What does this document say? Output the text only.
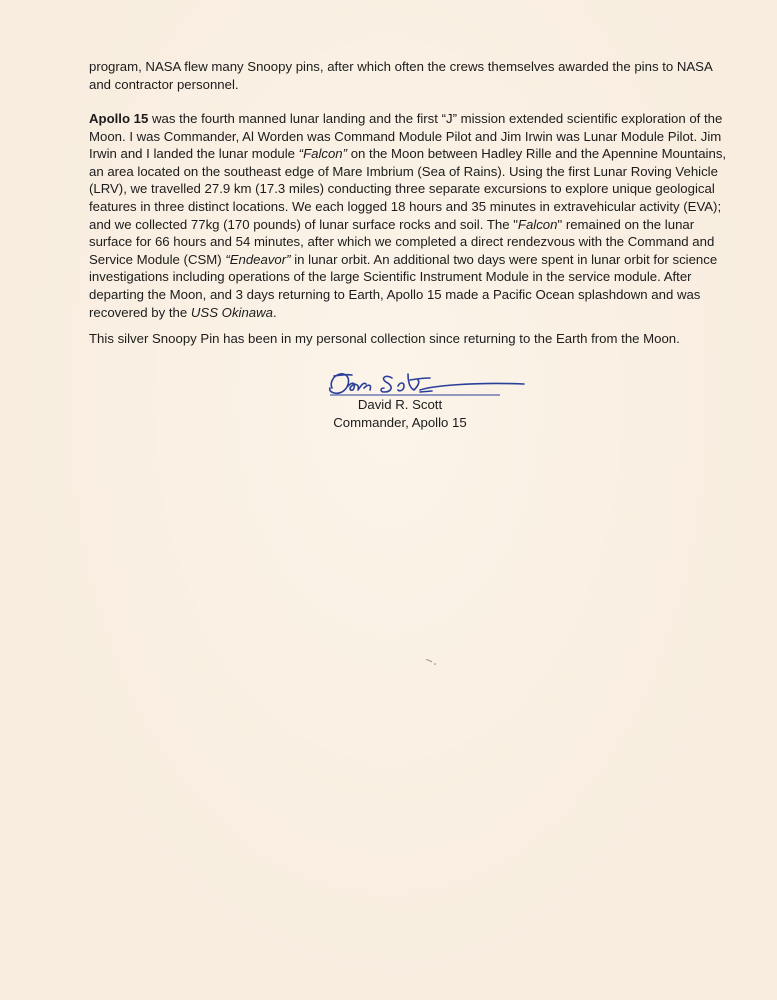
program, NASA flew many Snoopy pins, after which often the crews themselves awarded the pins to NASA and contractor personnel.

Apollo 15 was the fourth manned lunar landing and the first “J” mission extended scientific exploration of the Moon. I was Commander, Al Worden was Command Module Pilot and Jim Irwin was Lunar Module Pilot. Jim Irwin and I landed the lunar module “Falcon” on the Moon between Hadley Rille and the Apennine Mountains, an area located on the southeast edge of Mare Imbrium (Sea of Rains). Using the first Lunar Roving Vehicle (LRV), we travelled 27.9 km (17.3 miles) conducting three separate excursions to explore unique geological features in three distinct locations. We each logged 18 hours and 35 minutes in extravehicular activity (EVA); and we collected 77kg (170 pounds) of lunar surface rocks and soil. The "Falcon" remained on the lunar surface for 66 hours and 54 minutes, after which we completed a direct rendezvous with the Command and Service Module (CSM) “Endeavor” in lunar orbit. An additional two days were spent in lunar orbit for science investigations including operations of the large Scientific Instrument Module in the service module. After departing the Moon, and 3 days returning to Earth, Apollo 15 made a Pacific Ocean splashdown and was recovered by the USS Okinawa.

This silver Snoopy Pin has been in my personal collection since returning to the Earth from the Moon.

David R. Scott

Commander, Apollo 15
